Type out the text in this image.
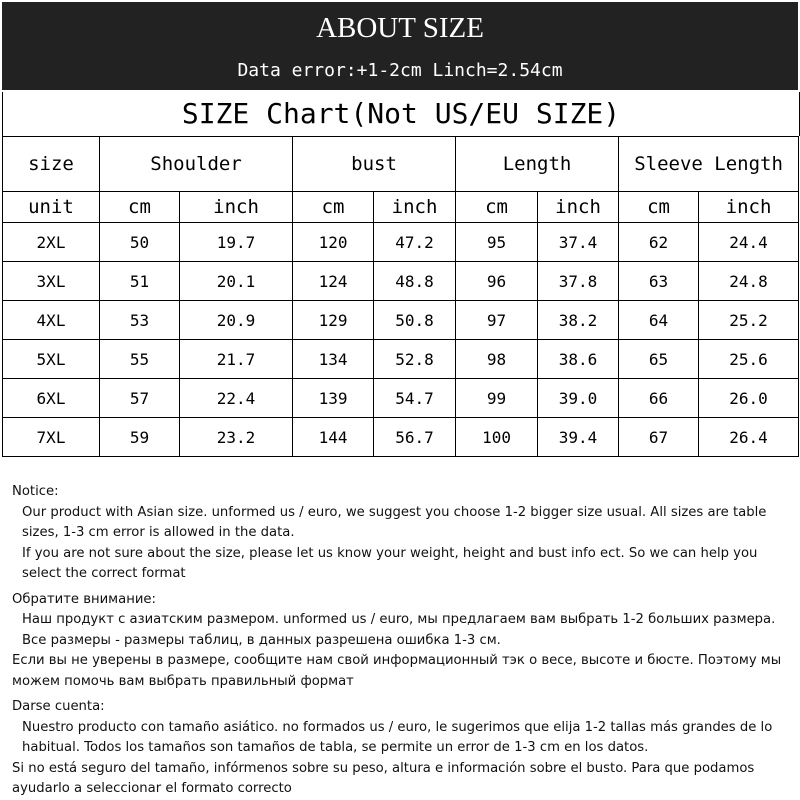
ABOUT SIZE
Data error:+1-2cm Linch=2.54cm
SIZE Chart(Not US/EU SIZE)
size	Shoulder		bust		Length		Sleeve Length	
unit	cm	inch	cm	inch	cm	inch	cm	inch
2XL	50	19.7	120	47.2	95	37.4	62	24.4
3XL	51	20.1	124	48.8	96	37.8	63	24.8
4XL	53	20.9	129	50.8	97	38.2	64	25.2
5XL	55	21.7	134	52.8	98	38.6	65	25.6
6XL	57	22.4	139	54.7	99	39.0	66	26.0
7XL	59	23.2	144	56.7	100	39.4	67	26.4

Notice:

Our product with Asian size. unformed us / euro, we suggest you choose 1-2 bigger size usual. All sizes are table sizes, 1-3 cm error is allowed in the data.

If you are not sure about the size, please let us know your weight, height and bust info ect. So we can help you select the correct format

Обратите внимание:

Наш продукт с азиатским размером. unformed us / euro, мы предлагаем вам выбрать 1-2 больших размера. Все размеры - размеры таблиц, в данных разрешена ошибка 1-3 см.

Если вы не уверены в размере, сообщите нам свой информационный тэк о весе, высоте и бюсте. Поэтому мы можем помочь вам выбрать правильный формат

Darse cuenta:

Nuestro producto con tamaño asiático. no formados us / euro, le sugerimos que elija 1-2 tallas más grandes de lo habitual. Todos los tamaños son tamaños de tabla, se permite un error de 1-3 cm en los datos.

Si no está seguro del tamaño, infórmenos sobre su peso, altura e información sobre el busto. Para que podamos ayudarlo a seleccionar el formato correcto
